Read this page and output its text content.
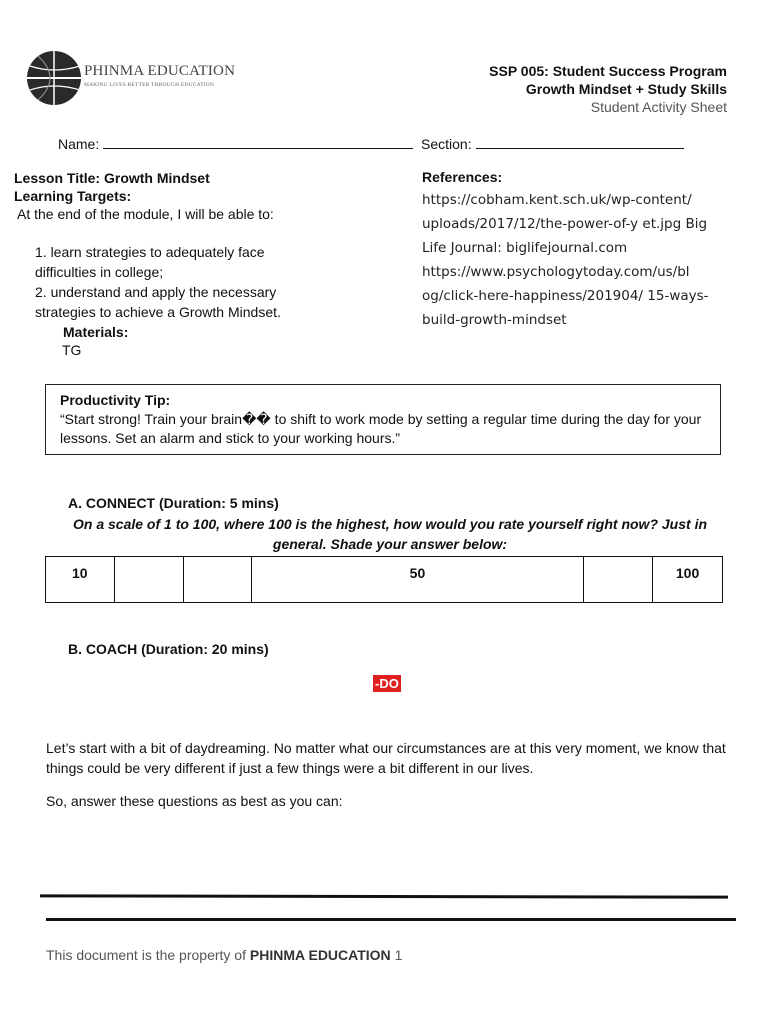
PHINMA EDUCATION
MAKING LIVES BETTER THROUGH EDUCATION
SSP 005: Student Success Program
Growth Mindset + Study Skills
Student Activity Sheet
Name:	Section:
Lesson Title: Growth Mindset
Learning Targets:
At the end of the module, I will be able to:
1. learn strategies to adequately face difficulties in college;
2. understand and apply the necessary strategies to achieve a Growth Mindset.
Materials:
TG
References:
https://cobham.kent.sch.uk/wp-content/ uploads/2017/12/the-power-of-y et.jpg Big Life Journal: biglifejournal.com https://www.psychologytoday.com/us/bl og/click-here-happiness/201904/ 15-ways-build-growth-mindset
Productivity Tip:
“Start strong! Train your brain�� to shift to work mode by setting a regular time during the day for your lessons. Set an alarm and stick to your working hours.”
A. CONNECT (Duration: 5 mins)
On a scale of 1 to 100, where 100 is the highest, how would you rate yourself right now? Just in general. Shade your answer below:
10			50		100
B. COACH (Duration: 20 mins)
-DO
Let’s start with a bit of daydreaming. No matter what our circumstances are at this very moment, we know that things could be very different if just a few things were a bit different in our lives.
So, answer these questions as best as you can:
This document is the property of PHINMA EDUCATION 1
